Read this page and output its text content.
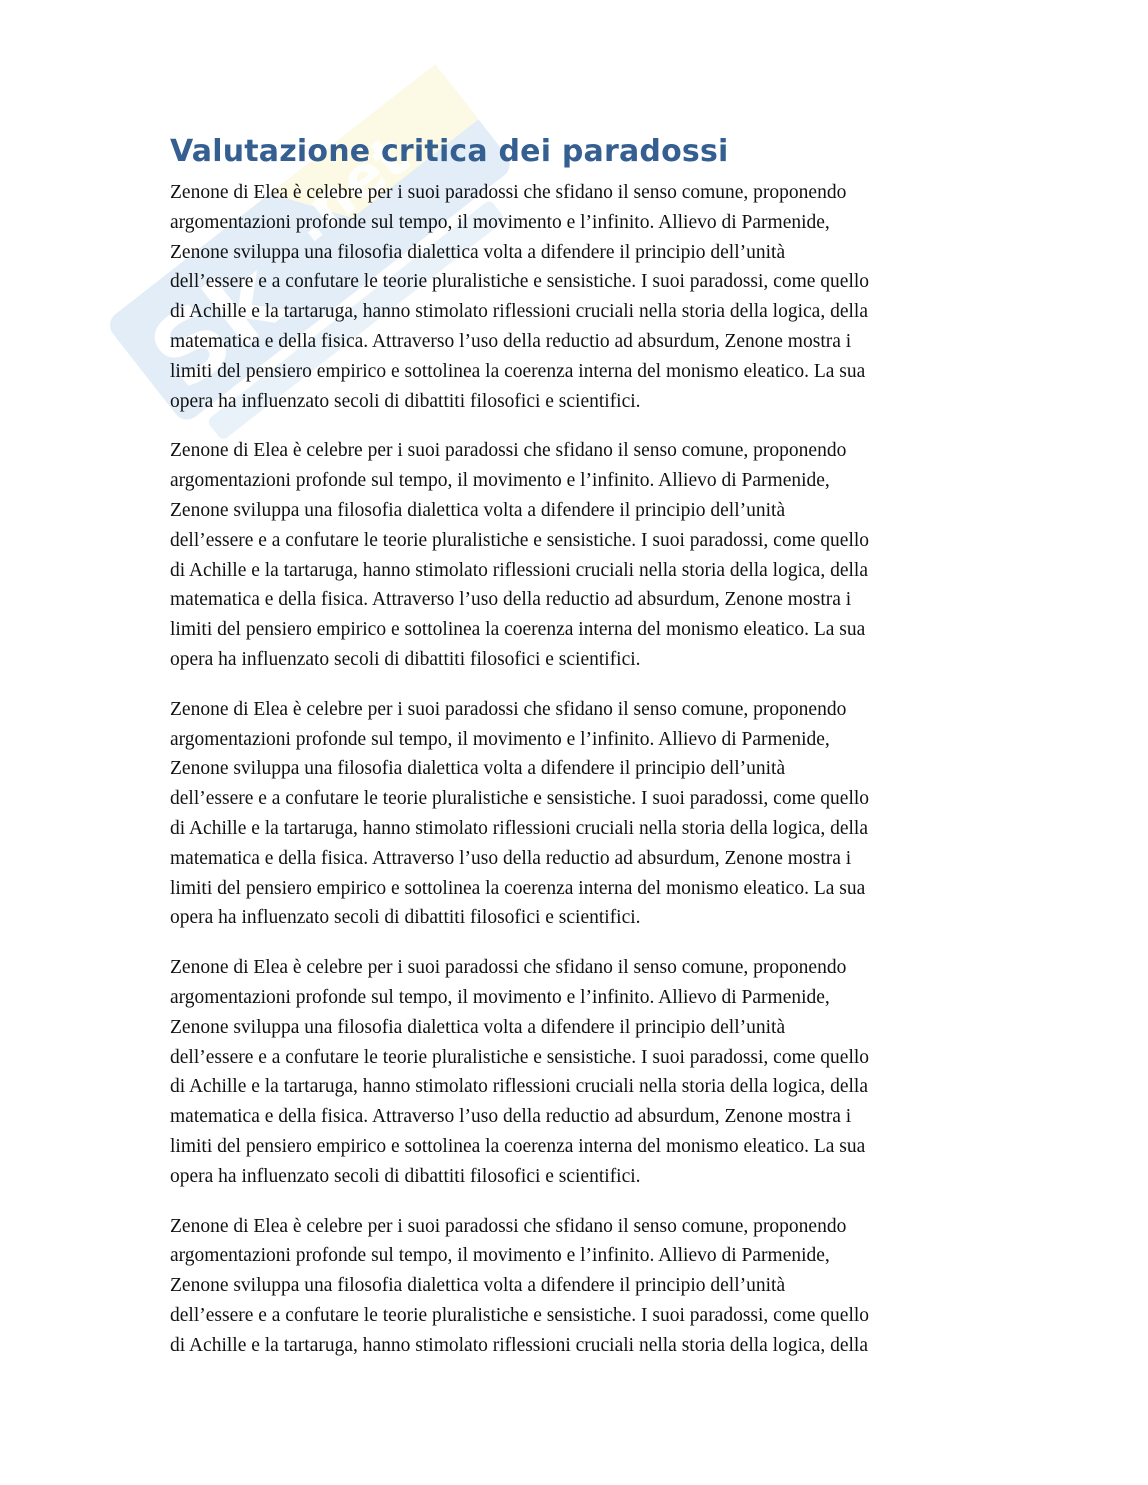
Sk
.net
Valutazione critica dei paradossi

Zenone di Elea è celebre per i suoi paradossi che sfidano il senso comune, proponendo
argomentazioni profonde sul tempo, il movimento e l’infinito. Allievo di Parmenide,
Zenone sviluppa una filosofia dialettica volta a difendere il principio dell’unità
dell’essere e a confutare le teorie pluralistiche e sensistiche. I suoi paradossi, come quello
di Achille e la tartaruga, hanno stimolato riflessioni cruciali nella storia della logica, della
matematica e della fisica. Attraverso l’uso della reductio ad absurdum, Zenone mostra i
limiti del pensiero empirico e sottolinea la coerenza interna del monismo eleatico. La sua
opera ha influenzato secoli di dibattiti filosofici e scientifici.

Zenone di Elea è celebre per i suoi paradossi che sfidano il senso comune, proponendo
argomentazioni profonde sul tempo, il movimento e l’infinito. Allievo di Parmenide,
Zenone sviluppa una filosofia dialettica volta a difendere il principio dell’unità
dell’essere e a confutare le teorie pluralistiche e sensistiche. I suoi paradossi, come quello
di Achille e la tartaruga, hanno stimolato riflessioni cruciali nella storia della logica, della
matematica e della fisica. Attraverso l’uso della reductio ad absurdum, Zenone mostra i
limiti del pensiero empirico e sottolinea la coerenza interna del monismo eleatico. La sua
opera ha influenzato secoli di dibattiti filosofici e scientifici.

Zenone di Elea è celebre per i suoi paradossi che sfidano il senso comune, proponendo
argomentazioni profonde sul tempo, il movimento e l’infinito. Allievo di Parmenide,
Zenone sviluppa una filosofia dialettica volta a difendere il principio dell’unità
dell’essere e a confutare le teorie pluralistiche e sensistiche. I suoi paradossi, come quello
di Achille e la tartaruga, hanno stimolato riflessioni cruciali nella storia della logica, della
matematica e della fisica. Attraverso l’uso della reductio ad absurdum, Zenone mostra i
limiti del pensiero empirico e sottolinea la coerenza interna del monismo eleatico. La sua
opera ha influenzato secoli di dibattiti filosofici e scientifici.

Zenone di Elea è celebre per i suoi paradossi che sfidano il senso comune, proponendo
argomentazioni profonde sul tempo, il movimento e l’infinito. Allievo di Parmenide,
Zenone sviluppa una filosofia dialettica volta a difendere il principio dell’unità
dell’essere e a confutare le teorie pluralistiche e sensistiche. I suoi paradossi, come quello
di Achille e la tartaruga, hanno stimolato riflessioni cruciali nella storia della logica, della
matematica e della fisica. Attraverso l’uso della reductio ad absurdum, Zenone mostra i
limiti del pensiero empirico e sottolinea la coerenza interna del monismo eleatico. La sua
opera ha influenzato secoli di dibattiti filosofici e scientifici.

Zenone di Elea è celebre per i suoi paradossi che sfidano il senso comune, proponendo
argomentazioni profonde sul tempo, il movimento e l’infinito. Allievo di Parmenide,
Zenone sviluppa una filosofia dialettica volta a difendere il principio dell’unità
dell’essere e a confutare le teorie pluralistiche e sensistiche. I suoi paradossi, come quello
di Achille e la tartaruga, hanno stimolato riflessioni cruciali nella storia della logica, della
